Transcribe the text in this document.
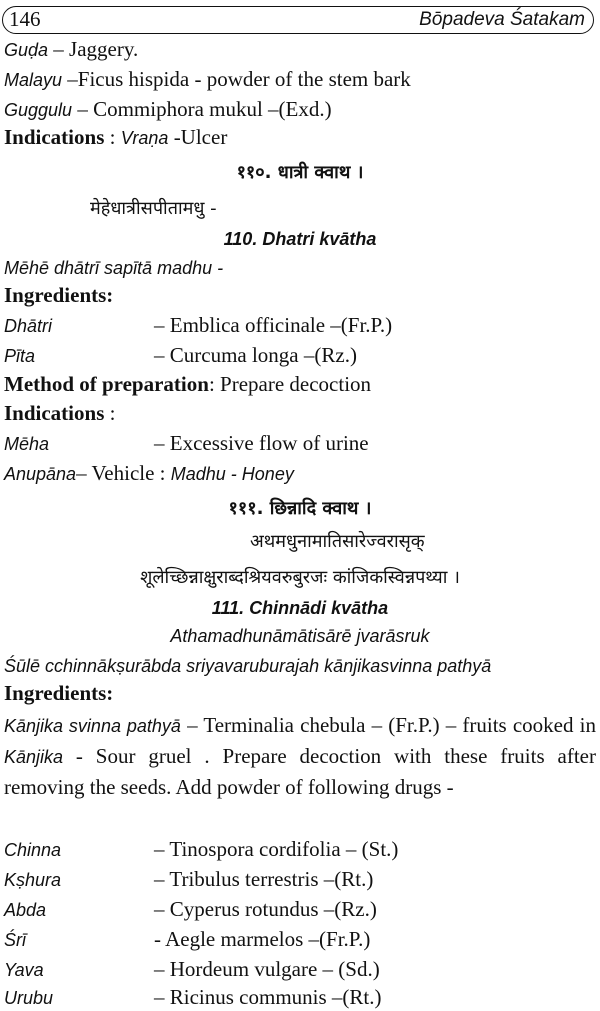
146	Bōpadeva Śatakam
Guḍa – Jaggery.
Malayu –Ficus hispida - powder of the stem bark
Guggulu – Commiphora mukul –(Exd.)
Indications : Vraṇa -Ulcer
११०. धात्री क्वाथ ।
मेहेधात्रीसपीतामधु -
110. Dhatri kvātha
Mēhē dhātrī sapītā madhu -
Ingredients:
Dhātri	– Emblica officinale –(Fr.P.)
Pīta	– Curcuma longa –(Rz.)
Method of preparation: Prepare decoction
Indications :
Mēha	– Excessive flow of urine
Anupāna– Vehicle : Madhu - Honey
१११. छिन्नादि क्वाथ ।
अथमधुनामातिसारेज्वरासृक्
शूलेच्छिन्नाक्षुराब्दश्रियवरुबुरजः कांजिकस्विन्नपथ्या ।
111. Chinnādi kvātha
Athamadhunāmātisārē jvarāsruk
Śūlē cchinnākṣurābda sriyavaruburajah kānjikasvinna pathyā
Ingredients:
Kānjika svinna pathyā – Terminalia chebula – (Fr.P.) – fruits cooked in Kānjika - Sour gruel . Prepare decoction with these fruits after removing the seeds. Add powder of following drugs -
Chinna	– Tinospora cordifolia – (St.)
Kṣhura	– Tribulus terrestris –(Rt.)
Abda	– Cyperus rotundus –(Rz.)
Śrī	- Aegle marmelos –(Fr.P.)
Yava	– Hordeum vulgare – (Sd.)
Urubu	– Ricinus communis –(Rt.)
